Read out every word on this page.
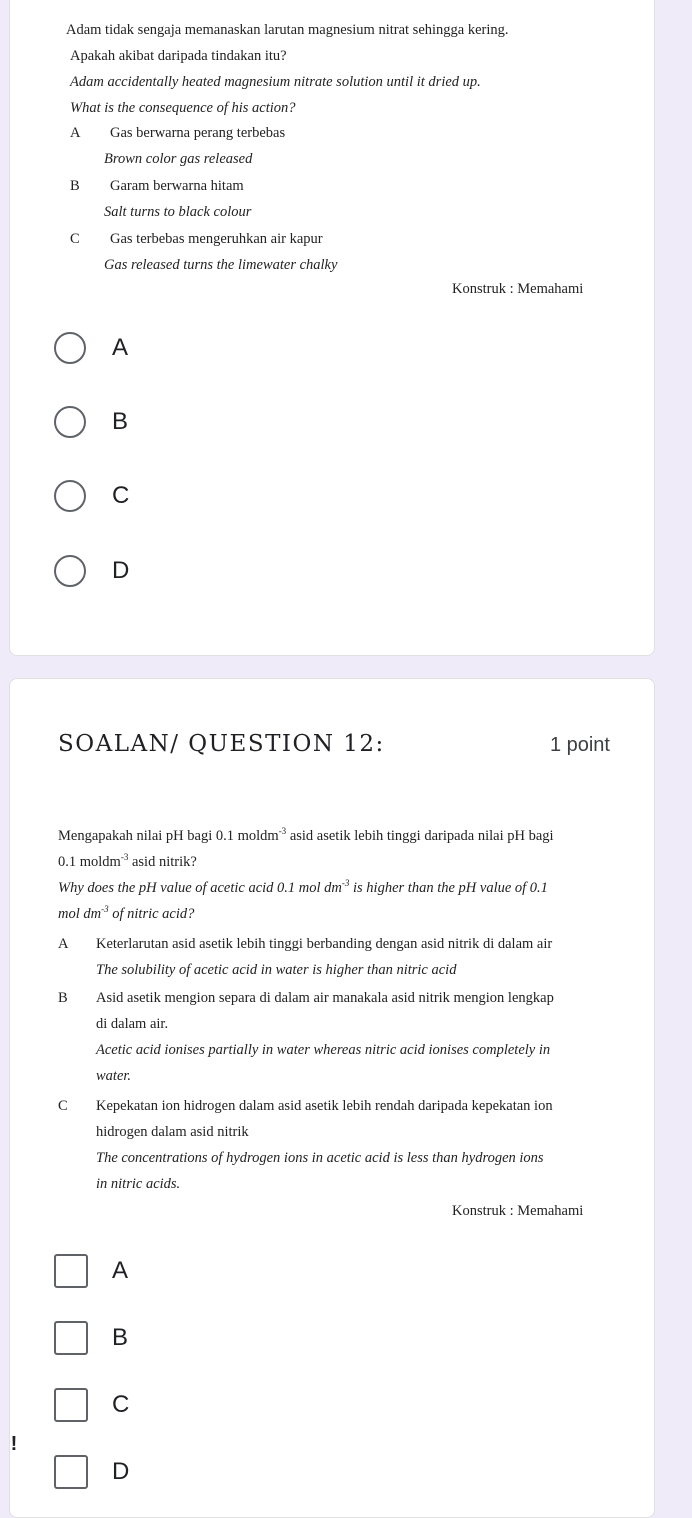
Adam tidak sengaja memanaskan larutan magnesium nitrat sehingga kering.
Apakah akibat daripada tindakan itu?
Adam accidentally heated magnesium nitrate solution until it dried up.
What is the consequence of his action?
A	Gas berwarna perang terbebas
Brown color gas released
B	Garam berwarna hitam
Salt turns to black colour
C	Gas terbebas mengeruhkan air kapur
Gas released turns the limewater chalky
Konstruk : Memahami
A
B
C
D
SOALAN/ QUESTION 12:	1 point
Mengapakah nilai pH bagi 0.1 moldm$^{-3}$ asid asetik lebih tinggi daripada nilai pH bagi
0.1 moldm$^{-3}$ asid nitrik?
Why does the pH value of acetic acid 0.1 mol $dm^{-3}$ is higher than the pH value of 0.1
mol $dm^{-3}$ of nitric acid?
A	Keterlarutan asid asetik lebih tinggi berbanding dengan asid nitrik di dalam air
The solubility of acetic acid in water is higher than nitric acid
B	Asid asetik mengion separa di dalam air manakala asid nitrik mengion lengkap
di dalam air.
Acetic acid ionises partially in water whereas nitric acid ionises completely in
water.
C	Kepekatan ion hidrogen dalam asid asetik lebih rendah daripada kepekatan ion
hidrogen dalam asid nitrik
The concentrations of hydrogen ions in acetic acid is less than hydrogen ions
in nitric acids.
Konstruk : Memahami
A
B
C
D
!
